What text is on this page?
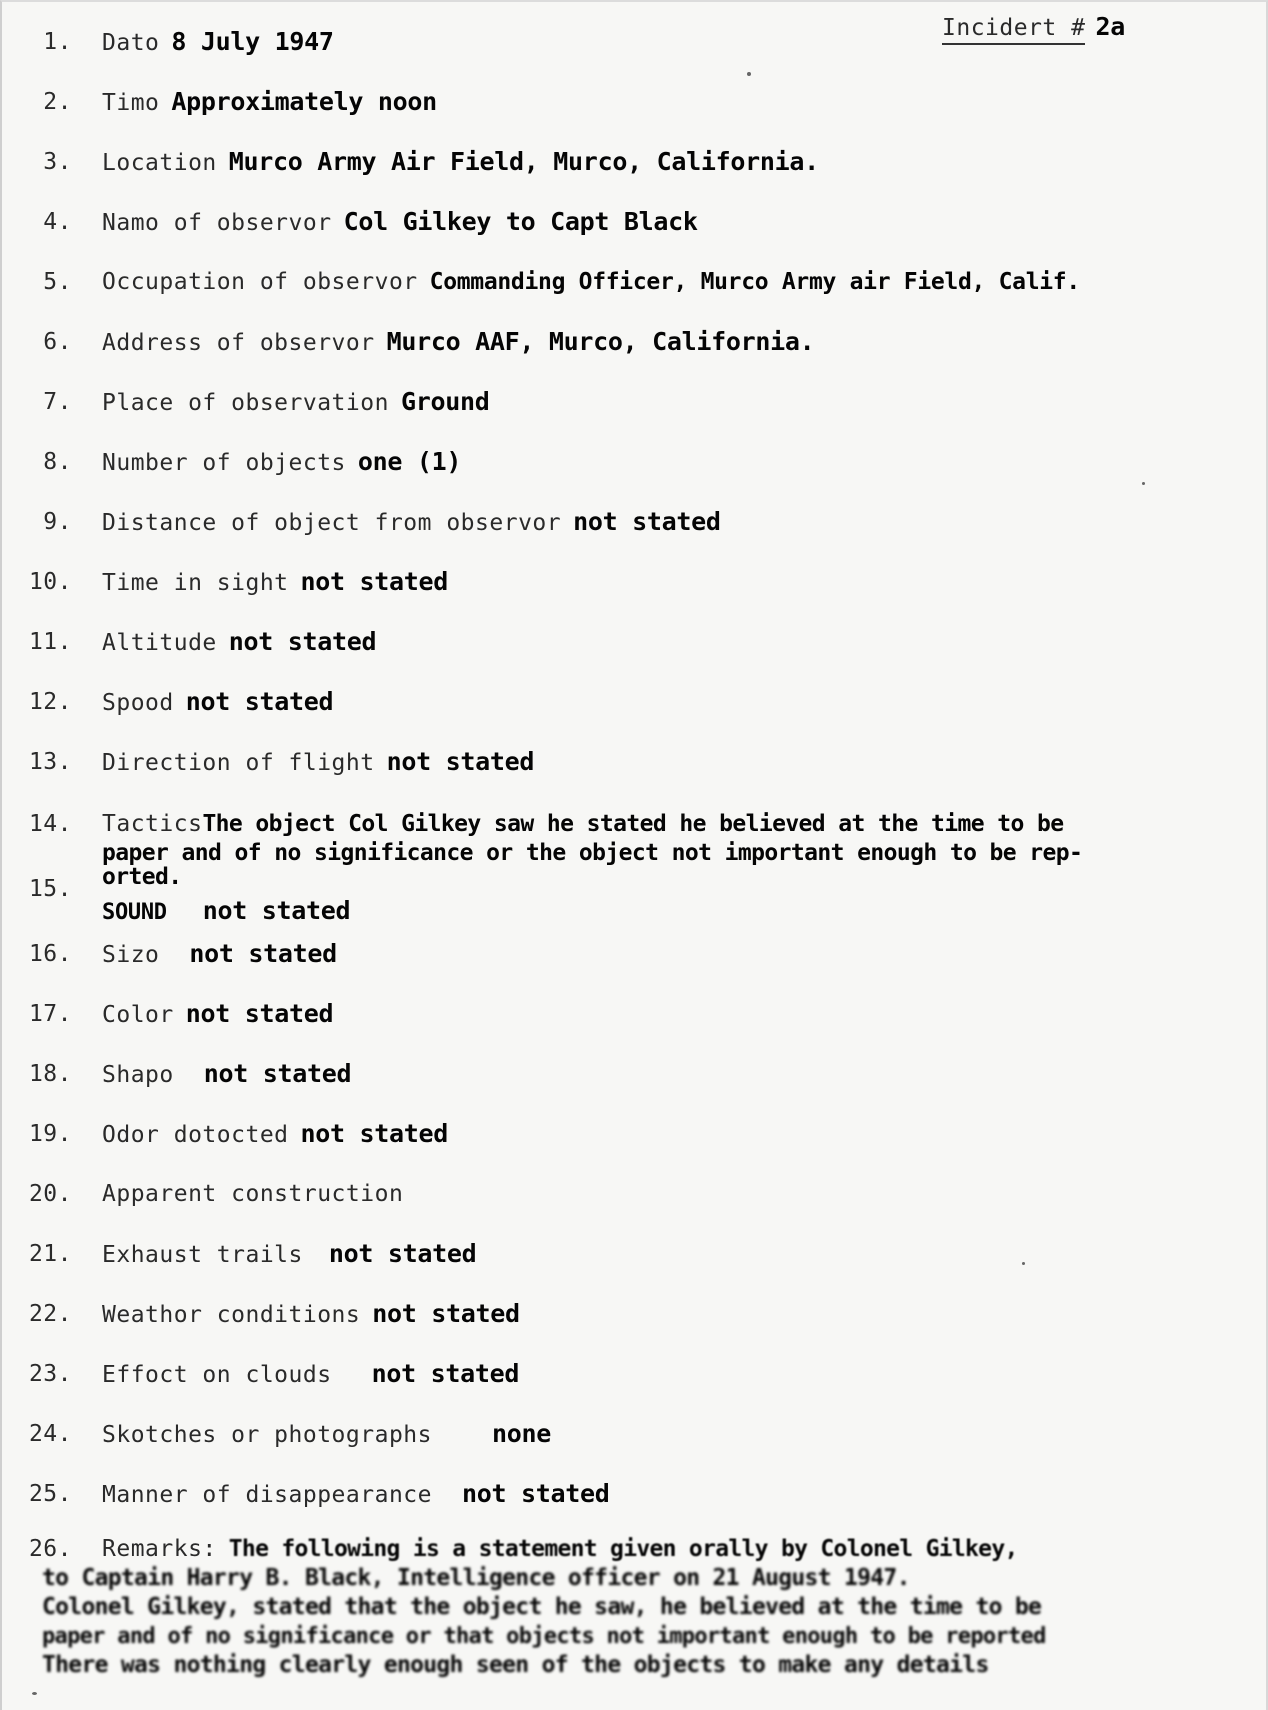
Incidert # 2a
1. Dato 8 July 1947
2. Timo Approximately noon
3. Location Murco Army Air Field, Murco, California.
4. Namo of observor Col Gilkey to Capt Black
5. Occupation of observor Commanding Officer, Murco Army air Field, Calif.
6. Address of observor Murco AAF, Murco, California.
7. Place of observation Ground
8. Number of objects one (1)
9. Distance of object from observor not stated
10. Time in sight not stated
11. Altitude not stated
12. Spood not stated
13. Direction of flight not stated
14. TacticsThe object Col Gilkey saw he stated he believed at the time to be
paper and of no significance or the object not important enough to be rep-
orted.
15.
SOUND not stated
16. Sizo not stated
17. Color not stated
18. Shapo not stated
19. Odor dotocted not stated
20. Apparent construction
21. Exhaust trails not stated
22. Weathor conditions not stated
23. Effoct on clouds not stated
24. Skotches or photographs none
25. Manner of disappearance not stated
26. Remarks: The following is a statement given orally by Colonel Gilkey,
to Captain Harry B. Black, Intelligence officer on 21 August 1947.
Colonel Gilkey, stated that the object he saw, he believed at the time to be
paper and of no significance or that objects not important enough to be reported
There was nothing clearly enough seen of the objects to make any details
